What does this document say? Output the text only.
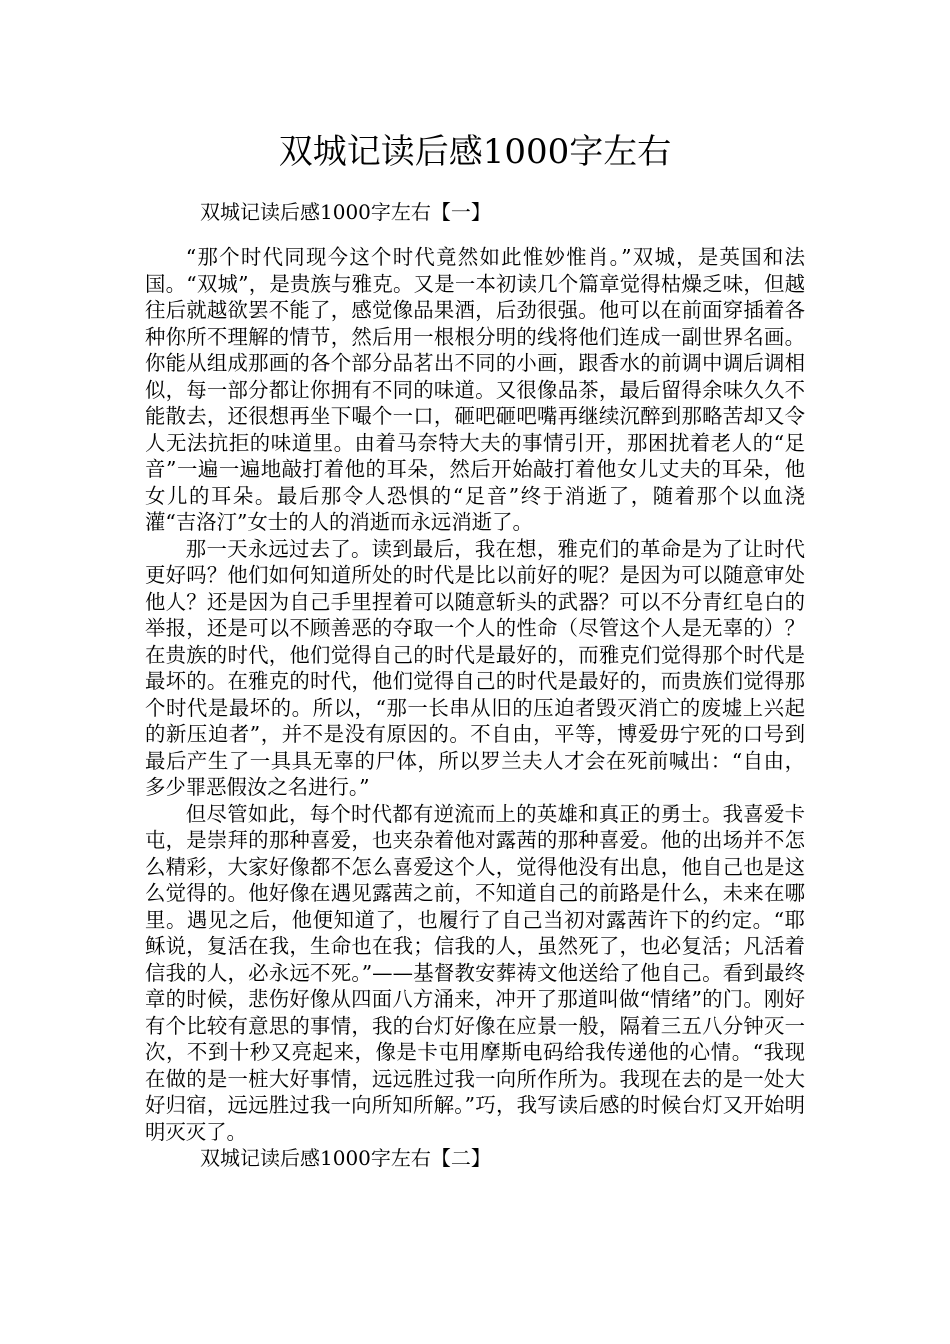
双城记读后感1000字左右

双城记读后感1000字左右【一】

“那个时代同现今这个时代竟然如此惟妙惟肖。”双城，是英国和法国。“双城”，是贵族与雅克。又是一本初读几个篇章觉得枯燥乏味，但越往后就越欲罢不能了，感觉像品果酒，后劲很强。他可以在前面穿插着各种你所不理解的情节，然后用一根根分明的线将他们连成一副世界名画。你能从组成那画的各个部分品茗出不同的小画，跟香水的前调中调后调相似，每一部分都让你拥有不同的味道。又很像品茶，最后留得余味久久不能散去，还很想再坐下嘬个一口，砸吧砸吧嘴再继续沉醉到那略苦却又令人无法抗拒的味道里。由着马奈特大夫的事情引开，那困扰着老人的“足音”一遍一遍地敲打着他的耳朵，然后开始敲打着他女儿丈夫的耳朵，他女儿的耳朵。最后那令人恐惧的“足音”终于消逝了，随着那个以血浇灌“吉洛汀”女士的人的消逝而永远消逝了。

那一天永远过去了。读到最后，我在想，雅克们的革命是为了让时代更好吗？他们如何知道所处的时代是比以前好的呢？是因为可以随意审处他人？还是因为自己手里捏着可以随意斩头的武器？可以不分青红皂白的举报，还是可以不顾善恶的夺取一个人的性命（尽管这个人是无辜的）？在贵族的时代，他们觉得自己的时代是最好的，而雅克们觉得那个时代是最坏的。在雅克的时代，他们觉得自己的时代是最好的，而贵族们觉得那个时代是最坏的。所以，“那一长串从旧的压迫者毁灭消亡的废墟上兴起的新压迫者”，并不是没有原因的。不自由，平等，博爱毋宁死的口号到最后产生了一具具无辜的尸体，所以罗兰夫人才会在死前喊出：“自由，多少罪恶假汝之名进行。”

但尽管如此，每个时代都有逆流而上的英雄和真正的勇士。我喜爱卡屯，是崇拜的那种喜爱，也夹杂着他对露茜的那种喜爱。他的出场并不怎么精彩，大家好像都不怎么喜爱这个人，觉得他没有出息，他自己也是这么觉得的。他好像在遇见露茜之前，不知道自己的前路是什么，未来在哪里。遇见之后，他便知道了，也履行了自己当初对露茜许下的约定。“耶稣说，复活在我，生命也在我；信我的人，虽然死了，也必复活；凡活着信我的人，必永远不死。”——基督教安葬祷文他送给了他自己。看到最终章的时候，悲伤好像从四面八方涌来，冲开了那道叫做“情绪”的门。刚好有个比较有意思的事情，我的台灯好像在应景一般，隔着三五八分钟灭一次，不到十秒又亮起来，像是卡屯用摩斯电码给我传递他的心情。“我现在做的是一桩大好事情，远远胜过我一向所作所为。我现在去的是一处大好归宿，远远胜过我一向所知所解。”巧，我写读后感的时候台灯又开始明明灭灭了。

双城记读后感1000字左右【二】
